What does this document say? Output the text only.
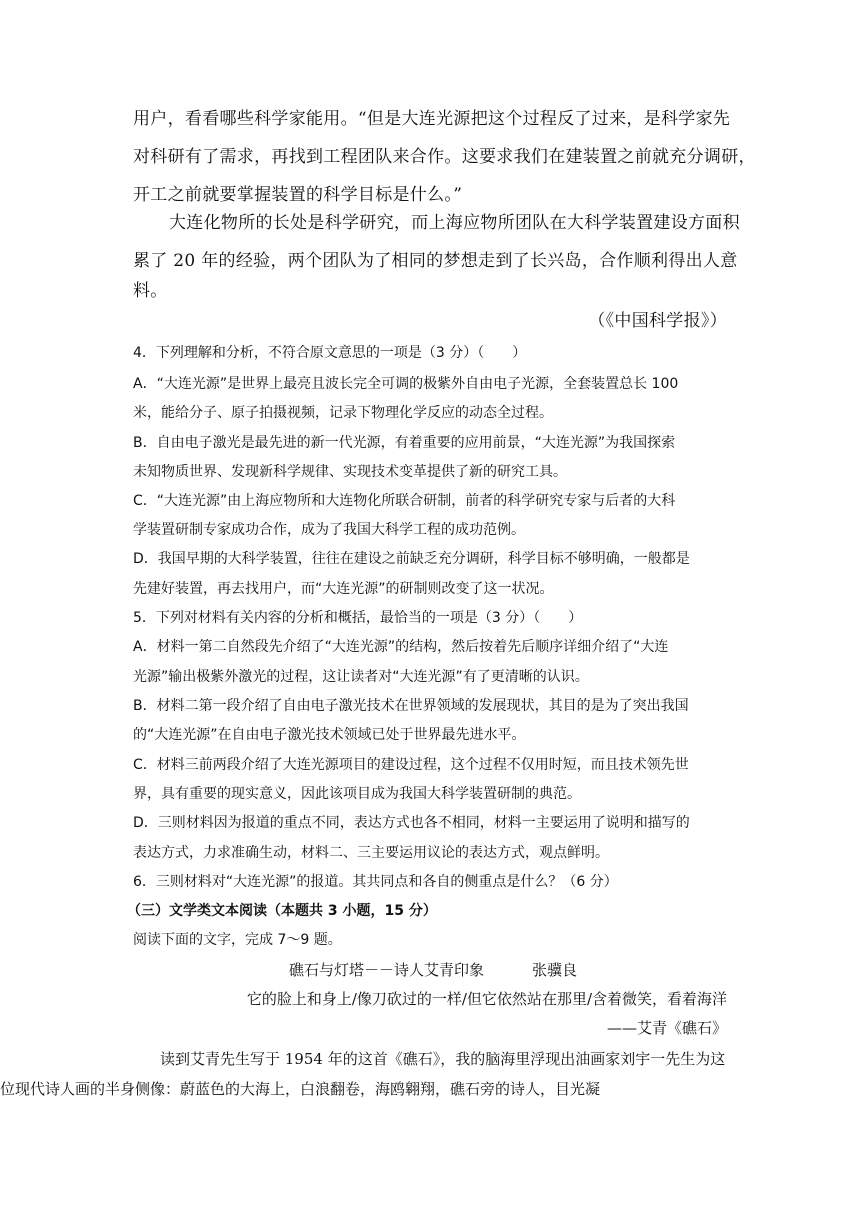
用户，看看哪些科学家能用。“但是大连光源把这个过程反了过来，是科学家先
对科研有了需求，再找到工程团队来合作。这要求我们在建装置之前就充分调研，
开工之前就要掌握装置的科学目标是什么。”
大连化物所的长处是科学研究，而上海应物所团队在大科学装置建设方面积
累了 20 年的经验，两个团队为了相同的梦想走到了长兴岛，合作顺利得出人意
料。
（《中国科学报》）
4．下列理解和分析，不符合原文意思的一项是（3 分）（　　）
A．“大连光源”是世界上最亮且波长完全可调的极紫外自由电子光源，全套装置总长 100
米，能给分子、原子拍摄视频，记录下物理化学反应的动态全过程。
B．自由电子激光是最先进的新一代光源，有着重要的应用前景，“大连光源”为我国探索
未知物质世界、发现新科学规律、实现技术变革提供了新的研究工具。
C．“大连光源”由上海应物所和大连物化所联合研制，前者的科学研究专家与后者的大科
学装置研制专家成功合作，成为了我国大科学工程的成功范例。
D．我国早期的大科学装置，往往在建设之前缺乏充分调研，科学目标不够明确，一般都是
先建好装置，再去找用户，而“大连光源”的研制则改变了这一状况。
5．下列对材料有关内容的分析和概括，最恰当的一项是（3 分）（　　）
A．材料一第二自然段先介绍了“大连光源”的结构，然后按着先后顺序详细介绍了“大连
光源”输出极紫外激光的过程，这让读者对“大连光源”有了更清晰的认识。
B．材料二第一段介绍了自由电子激光技术在世界领域的发展现状，其目的是为了突出我国
的“大连光源”在自由电子激光技术领域已处于世界最先进水平。
C．材料三前两段介绍了大连光源项目的建设过程，这个过程不仅用时短，而且技术领先世
界，具有重要的现实意义，因此该项目成为我国大科学装置研制的典范。
D．三则材料因为报道的重点不同，表达方式也各不相同，材料一主要运用了说明和描写的
表达方式，力求准确生动，材料二、三主要运用议论的表达方式，观点鲜明。
6．三则材料对“大连光源”的报道。其共同点和各自的侧重点是什么？（6 分）
（三）文学类文本阅读（本题共 3 小题，15 分）
阅读下面的文字，完成 7～9 题。
礁石与灯塔－－诗人艾青印象	张骥良
它的脸上和身上/像刀砍过的一样/但它依然站在那里/含着微笑，看着海洋
——艾青《礁石》
读到艾青先生写于 1954 年的这首《礁石》，我的脑海里浮现出油画家刘宇一先生为这
位现代诗人画的半身侧像：蔚蓝色的大海上，白浪翻卷，海鸥翱翔，礁石旁的诗人，目光凝
